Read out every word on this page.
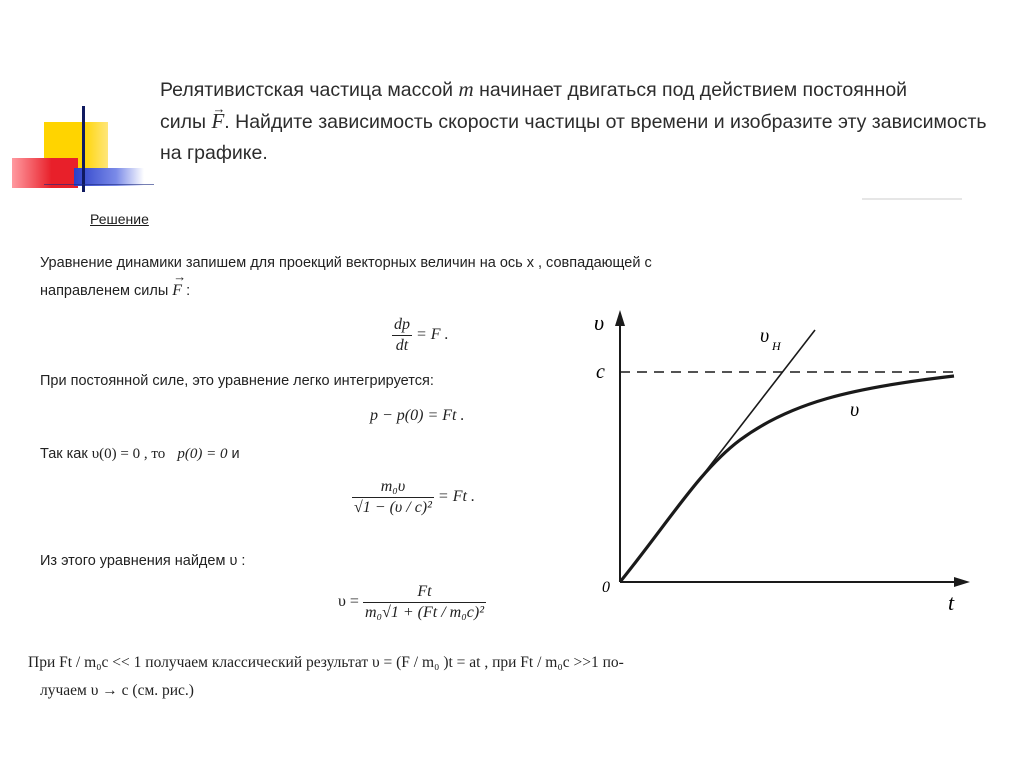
Релятивистская частица массой m начинает двигаться под действием постоянной
силы → F. Найдите зависимость скорости частицы от времени и изобразите эту зависимость
на графике.
Решение
Уравнение динамики запишем для проекций векторных величин на ось x , совпадающей с
направленем силы → F :
$\frac{dp}{dt} = F$ .
При постоянной силе, это уравнение легко интегрируется:
p − p(0) = Ft .
Так как υ(0) = 0 , то p(0) = 0 и
$\frac{\text{m₀υ}}{\text{√1 − (υ / c)²}} = Ft$ .
Из этого уравнения найдем υ :
$\upsilon = \frac{Ft}{\text{m₀√1 + (Ft / m₀c)²}}$
При Ft / m₀c << 1 получаем классический результат υ = (F / m₀ )t = at , при Ft / m₀c >>1 по-
лучаем υ → c (см. рис.)
υ
t
0
c
υ Н
υ
